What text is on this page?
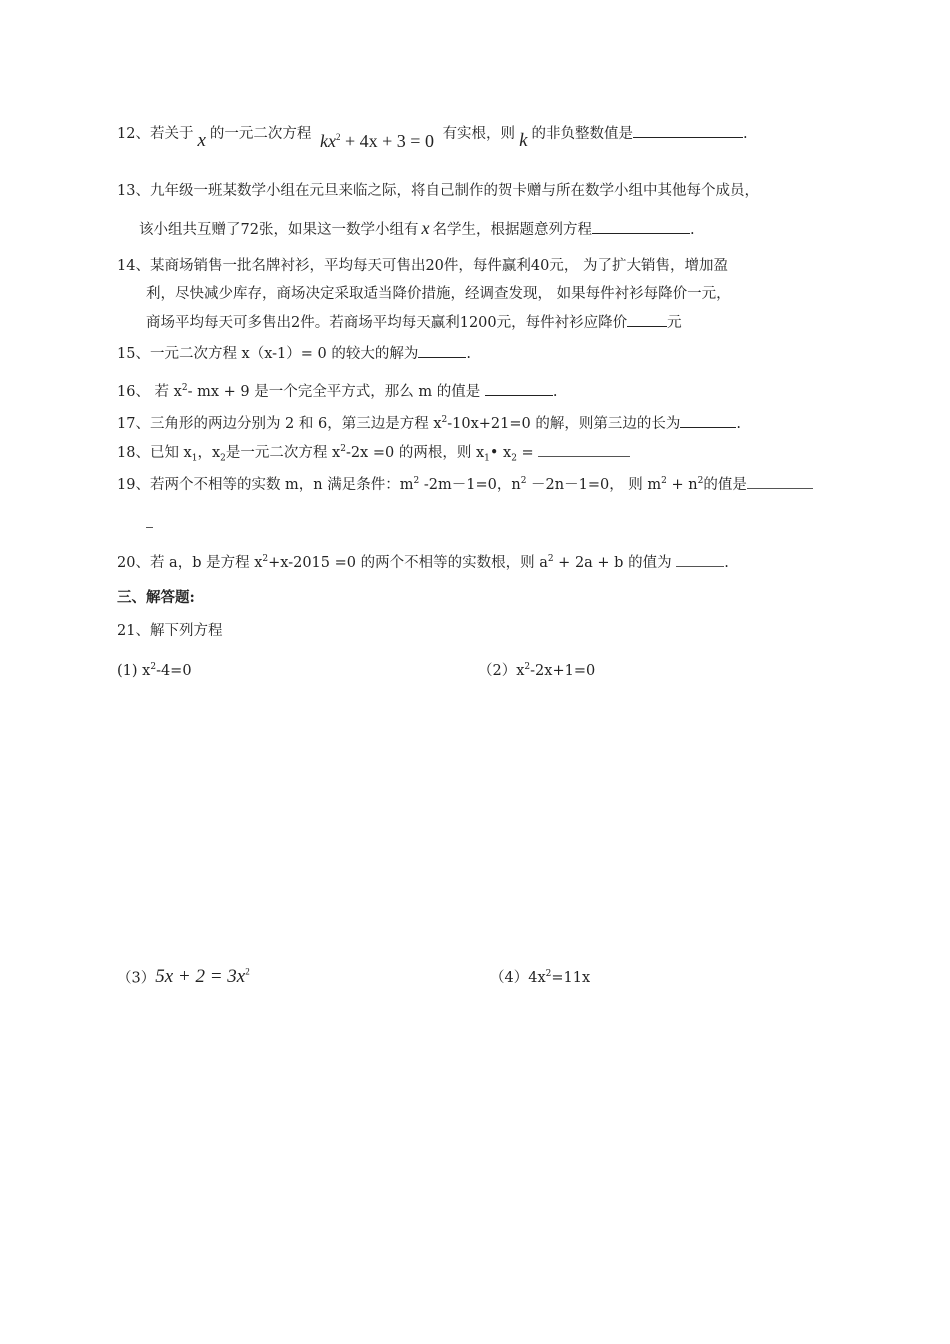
12、若关于 x 的一元二次方程 $kx^2 + 4x + 3 = 0$ 有实根，则 k 的非负整数值是	.
13、九年级一班某数学小组在元旦来临之际，将自己制作的贺卡赠与所在数学小组中其他每个成员，
该小组共互赠了72张，如果这一数学小组有 x 名学生，根据题意列方程	.
14、某商场销售一批名牌衬衫，平均每天可售出20件，每件赢利40元， 为了扩大销售，增加盈
利，尽快减少库存，商场决定采取适当降价措施，经调查发现， 如果每件衬衫每降价一元，
商场平均每天可多售出2件。若商场平均每天赢利1200元，每件衬衫应降价	元
15、一元二次方程 x（x-1）= 0 的较大的解为	.
16、 若 $x^2-$ mx + 9 是一个完全平方式，那么 m 的值是	.
17、三角形的两边分别为 2 和 6，第三边是方程 $x^2-10x+21=0$ 的解，则第三边的长为	.
18、已知 $x_1$，$x_2$是一元二次方程 $x^2-2x =0$ 的两根，则 $x_1•$ $x_2$ =
19、若两个不相等的实数 m，n 满足条件：$m^2$ -2m－1=0，$n^2 -2n-1=0$， 则 $m^2 + n^2$的值是
20、若 a，b 是方程 $x^2+x-2015 =0$ 的两个不相等的实数根，则 $a^2 + 2a + b$ 的值为	.
三、解答题:
21、解下列方程
(1) $x^2-4=0$	$(2)x^2-2x+1=0$
$(3)5x + 2 = 3x^2$	$(4)4x^2=11x$
